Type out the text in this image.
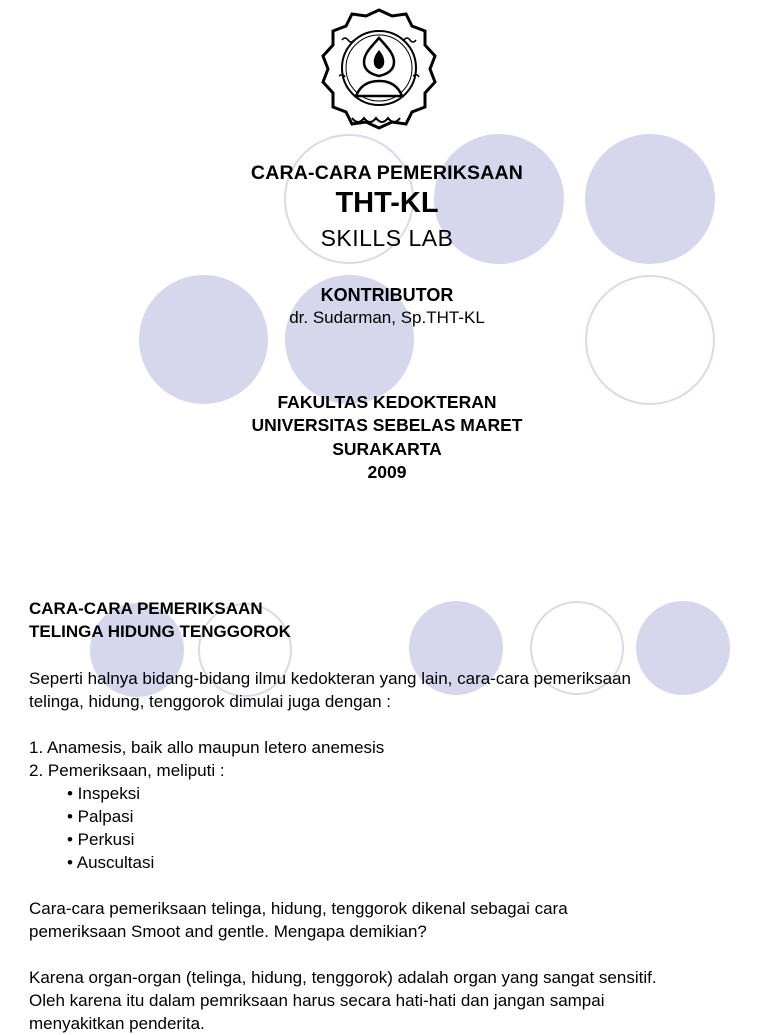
CARA-CARA PEMERIKSAAN
THT-KL
SKILLS LAB
KONTRIBUTOR
dr. Sudarman, Sp.THT-KL
FAKULTAS KEDOKTERAN
UNIVERSITAS SEBELAS MARET
SURAKARTA
2009
CARA-CARA PEMERIKSAAN
TELINGA HIDUNG TENGGOROK
Seperti halnya bidang-bidang ilmu kedokteran yang lain, cara-cara pemeriksaan
telinga, hidung, tenggorok dimulai juga dengan :
1. Anamesis, baik allo maupun letero anemesis
2. Pemeriksaan, meliputi :
• Inspeksi
• Palpasi
• Perkusi
• Auscultasi
Cara-cara pemeriksaan telinga, hidung, tenggorok dikenal sebagai cara
pemeriksaan Smoot and gentle. Mengapa demikian?
Karena organ-organ (telinga, hidung, tenggorok) adalah organ yang sangat sensitif.
Oleh karena itu dalam pemriksaan harus secara hati-hati dan jangan sampai
menyakitkan penderita.
